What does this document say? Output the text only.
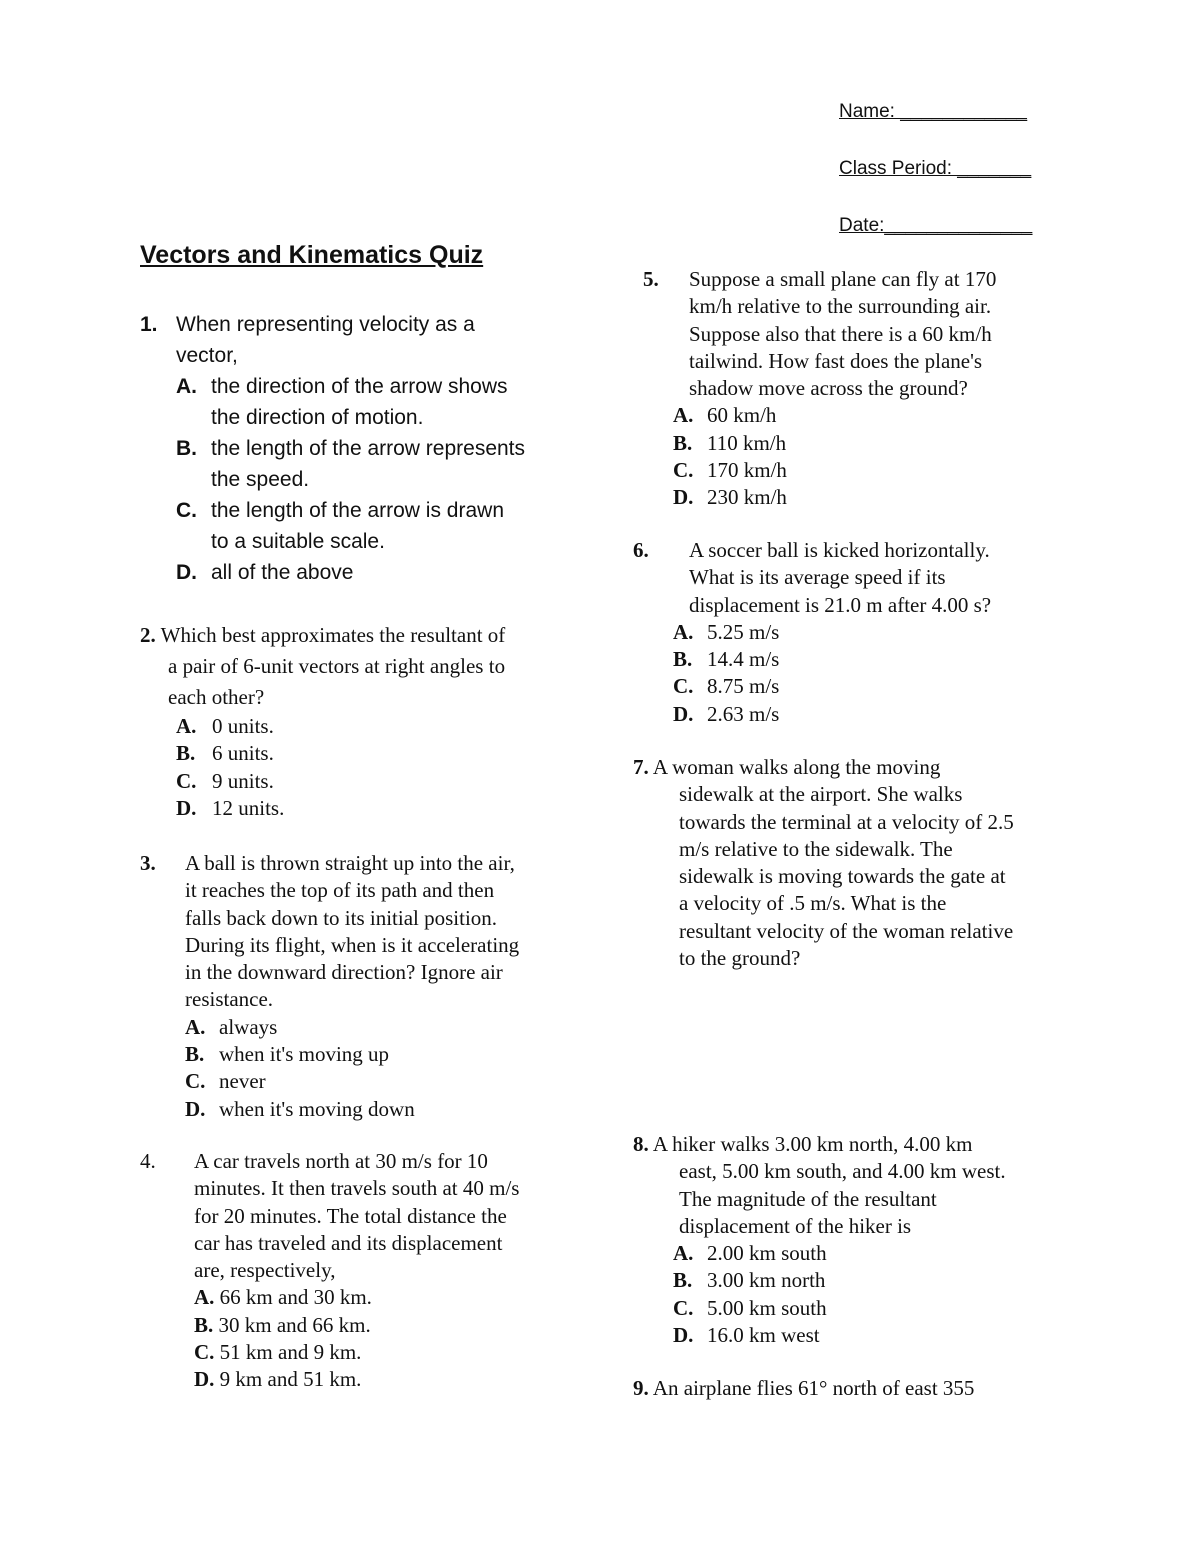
Name: ____________
Class Period: _______
Date:______________
Vectors and Kinematics Quiz
1. When representing velocity as a
vector,
A. the direction of the arrow shows
the direction of motion.
B. the length of the arrow represents
the speed.
C. the length of the arrow is drawn
to a suitable scale.
D. all of the above
2. Which best approximates the resultant of
a pair of 6-unit vectors at right angles to
each other?
A. 0 units.
B. 6 units.
C. 9 units.
D. 12 units.
3.	A ball is thrown straight up into the air,
it reaches the top of its path and then
falls back down to its initial position.
During its flight, when is it accelerating
in the downward direction? Ignore air
resistance.
A. always
B. when it's moving up
C. never
D. when it's moving down
4.	A car travels north at 30 m/s for 10
minutes. It then travels south at 40 m/s
for 20 minutes. The total distance the
car has traveled and its displacement
are, respectively,
A. 66 km and 30 km.
B. 30 km and 66 km.
C. 51 km and 9 km.
D. 9 km and 51 km.
5.	Suppose a small plane can fly at 170
km/h relative to the surrounding air.
Suppose also that there is a 60 km/h
tailwind. How fast does the plane's
shadow move across the ground?
A. 60 km/h
B. 110 km/h
C. 170 km/h
D. 230 km/h
6.	A soccer ball is kicked horizontally.
What is its average speed if its
displacement is 21.0 m after 4.00 s?
A. 5.25 m/s
B. 14.4 m/s
C. 8.75 m/s
D. 2.63 m/s
7. A woman walks along the moving
sidewalk at the airport. She walks
towards the terminal at a velocity of 2.5
m/s relative to the sidewalk. The
sidewalk is moving towards the gate at
a velocity of .5 m/s. What is the
resultant velocity of the woman relative
to the ground?
8. A hiker walks 3.00 km north, 4.00 km
east, 5.00 km south, and 4.00 km west.
The magnitude of the resultant
displacement of the hiker is
A. 2.00 km south
B. 3.00 km north
C. 5.00 km south
D. 16.0 km west
9. An airplane flies 61° north of east 355
